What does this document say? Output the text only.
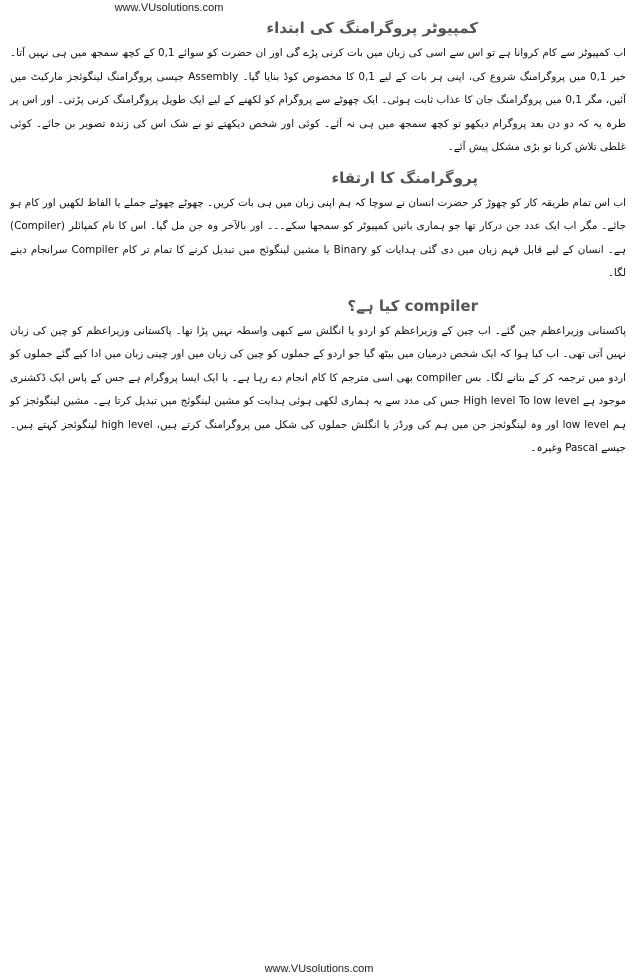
www.VUsolutions.com
کمپیوٹر پروگرامنگ کی ابتداء

اب کمپیوٹر سے کام کروانا ہے تو اس سے اسی کی زبان میں بات کرنی پڑے گی اور ان حضرت کو سوائے 0,1 کے کچھ سمجھ میں ہی نہیں آتا۔ خیر 0,1 میں پروگرامنگ شروع کی، اپنی ہر بات کے لیے 0,1 کا مخصوص کوڈ بنایا گیا۔ Assembly جیسی پروگرامنگ لینگوئجز مارکیٹ میں آئیں، مگر 0,1 میں پروگرامنگ جان کا عذاب ثابت ہوئی۔ ایک چھوٹے سے پروگرام کو لکھنے کے لیے ایک طویل پروگرامنگ کرنی پڑتی۔ اور اس پر طرہ یہ کہ دو دن بعد پروگرام دیکھو تو کچھ سمجھ میں ہی نہ آئے۔ کوئی اور شخص دیکھتے تو بے شک اس کی زندہ تصویر بن جائے۔ کوئی غلطی تلاش کرنا تو بڑی مشکل پیش آئے۔

پروگرامنگ کا ارتقاء

اب اس تمام طریقہ کار کو چھوڑ کر حضرت انسان نے سوچا کہ ہم اپنی زبان میں ہی بات کریں۔ چھوٹے چھوٹے جملے یا الفاظ لکھیں اور کام ہو جائے۔ مگر اب ایک عدد جن درکار تھا جو ہماری باتیں کمپیوٹر کو سمجھا سکے۔۔۔ اور بالآخر وہ جن مل گیا۔ اس کا نام کمپائلر (Compiler) ہے۔ انسان کے لیے قابل فہم زبان میں دی گئی ہدایات کو Binary یا مشین لینگوئج میں تبدیل کرنے کا تمام تر کام Compiler سرانجام دینے لگا۔

compiler کیا ہے؟

پاکستانی وزیراعظم چین گئے۔ اب چین کے وزیراعظم کو اردو یا انگلش سے کبھی واسطہ نہیں پڑا تھا۔ پاکستانی وزیراعظم کو چین کی زبان نہیں آتی تھی۔ اب کیا ہوا کہ ایک شخص درمیان میں بیٹھ گیا جو اردو کے جملوں کو چین کی زبان میں اور چینی زبان میں ادا کیے گئے جملوں کو اردو میں ترجمہ کر کے بتانے لگا۔ بس compiler بھی اسی مترجم کا کام انجام دے رہا ہے۔ یا ایک ایسا پروگرام ہے جس کے پاس ایک ڈکشنری موجود ہے High level To low level جس کی مدد سے یہ ہماری لکھی ہوئی ہدایت کو مشین لینگوئج میں تبدیل کرتا ہے۔ مشین لینگوئجز کو ہم low level اور وہ لینگوئجز جن میں ہم کی ورڈز یا انگلش جملوں کی شکل میں پروگرامنگ کرتے ہیں، high level لینگوئجز کہتے ہیں۔ جیسے Pascal وغیرہ۔

www.VUsolutions.com
